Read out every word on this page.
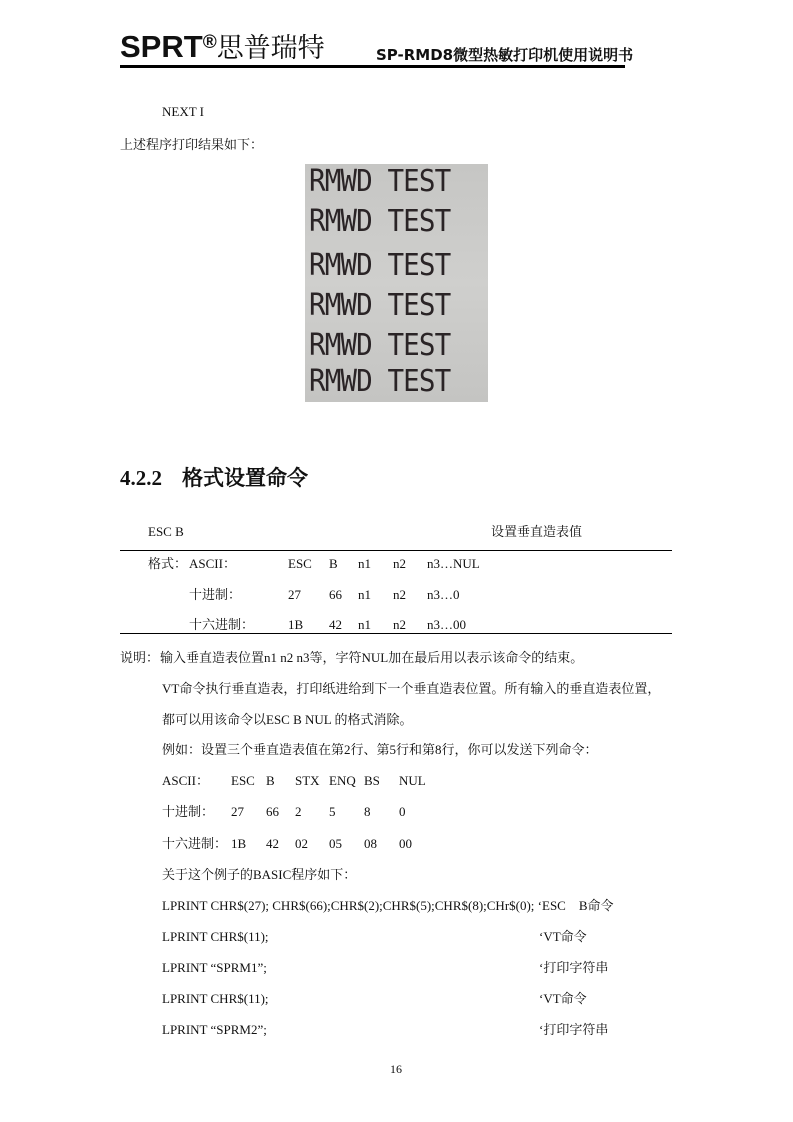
SPRT®思普瑞特	SP-RMD8微型热敏打印机使用说明书
NEXT I
上述程序打印结果如下：
RMWD TEST
RMWD TEST
RMWD TEST
RMWD TEST
RMWD TEST
RMWD TEST
4.2.2 格式设置命令
ESC B	设置垂直造表值
格式： ASCII：	ESC B n1 n2 n3…NUL
十进制：	27 66 n1 n2 n3…0
十六进制：	1B 42 n1 n2 n3…00
说明： 输入垂直造表位置n1 n2 n3等，字符NUL加在最后用以表示该命令的结束。
VT命令执行垂直造表，打印纸进给到下一个垂直造表位置。所有输入的垂直造表位置，
都可以用该命令以ESC B NUL 的格式消除。
例如：设置三个垂直造表值在第2行、第5行和第8行，你可以发送下列命令：
ASCII： ESC B STX ENQ BS NUL
十进制： 27 66 2 5 8 0
十六进制： 1B 42 02 05 08 00
关于这个例子的BASIC程序如下：
LPRINT CHR$(27); CHR$(66);CHR$(2);CHR$(5);CHR$(8);CHr$(0); ‘ESC　B命令
LPRINT CHR$(11);	‘VT命令
LPRINT “SPRM1”;	‘打印字符串
LPRINT CHR$(11);	‘VT命令
LPRINT “SPRM2”;	‘打印字符串
16
